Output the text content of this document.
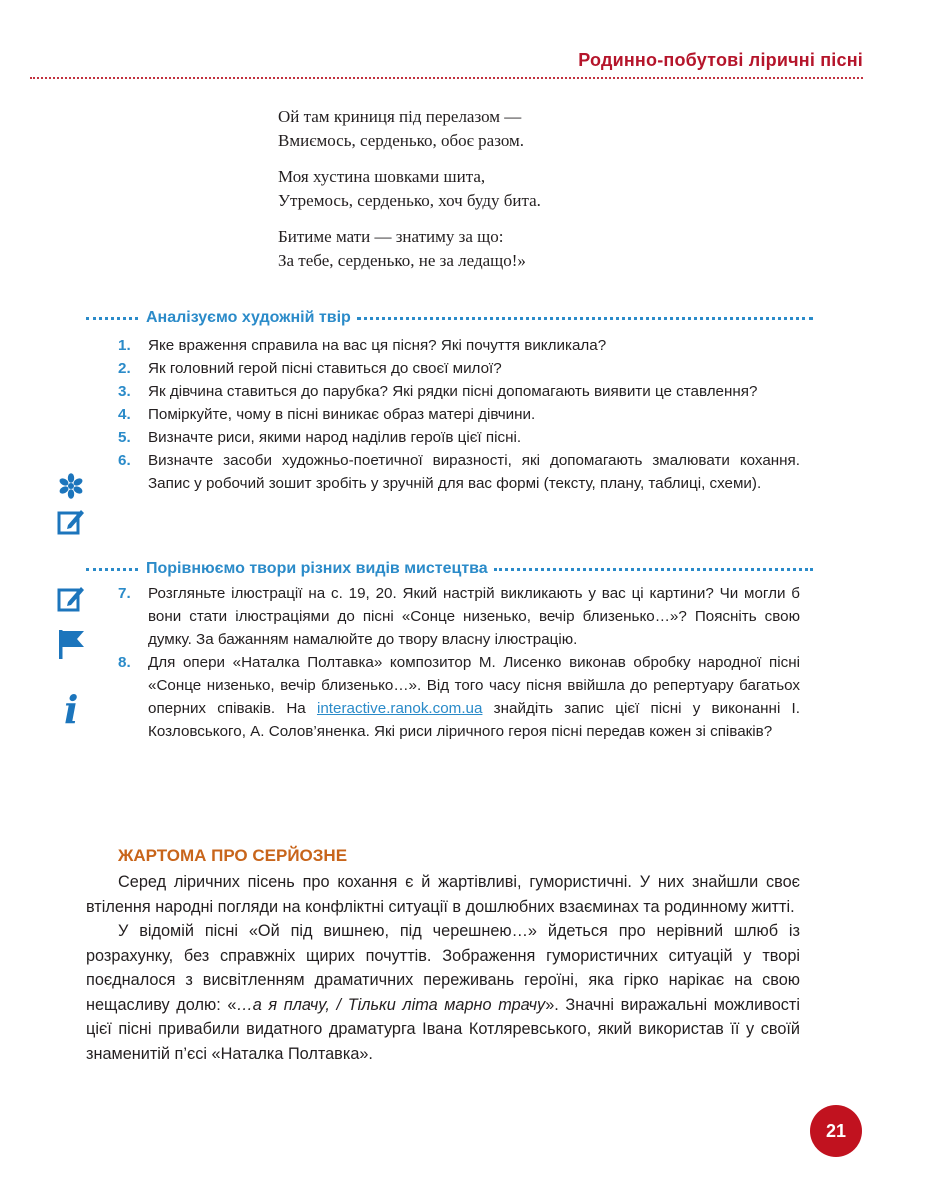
Родинно-побутові ліричні пісні
Ой там криниця під перелазом —
Вмиємось, серденько, обоє разом.
Моя хустина шовками шита,
Утремось, серденько, хоч буду бита.
Битиме мати — знатиму за що:
За тебе, серденько, не за ледащо!»
Аналізуємо художній твір
1.	Яке враження справила на вас ця пісня? Які почуття викликала?
2.	Як головний герой пісні ставиться до своєї милої?
3.	Як дівчина ставиться до парубка? Які рядки пісні допомагають виявити це ставлення?
4.	Поміркуйте, чому в пісні виникає образ матері дівчини.
5.	Визначте риси, якими народ наділив героїв цієї пісні.
6.	Визначте засоби художньо-поетичної виразності, які допомагають змалювати кохання. Запис у робочий зошит зробіть у зручній для вас формі (тексту, плану, таблиці, схеми).
Порівнюємо твори різних видів мистецтва
7.	Розгляньте ілюстрації на с. 19, 20. Який настрій викликають у вас ці картини? Чи могли б вони стати ілюстраціями до пісні «Сонце низенько, вечір близенько…»? Поясніть свою думку. За бажанням намалюйте до твору власну ілюстрацію.
8.	Для опери «Наталка Полтавка» композитор М. Лисенко виконав обробку народної пісні «Сонце низенько, вечір близенько…». Від того часу пісня ввійшла до репертуару багатьох оперних співаків. На interactive.ranok.com.ua знайдіть запис цієї пісні у виконанні І. Козловського, А. Солов’яненка. Які риси ліричного героя пісні передав кожен зі співаків?
i
ЖАРТОМА ПРО СЕРЙОЗНЕ

Серед ліричних пісень про кохання є й жартівливі, гумористичні. У них знайшли своє втілення народні погляди на конфліктні ситуації в дошлюбних взаєминах та родинному житті.

У відомій пісні «Ой під вишнею, під черешнею…» йдеться про нерівний шлюб із розрахунку, без справжніх щирих почуттів. Зображення гумористичних ситуацій у творі поєдналося з висвітленням драматичних переживань героїні, яка гірко нарікає на свою нещасливу долю: «…а я плачу, / Тільки літа марно трачу». Значні виражальні можливості цієї пісні привабили видатного драматурга Івана Котляревського, який використав її у своїй знаменитій п’єсі «Наталка Полтавка».

21
